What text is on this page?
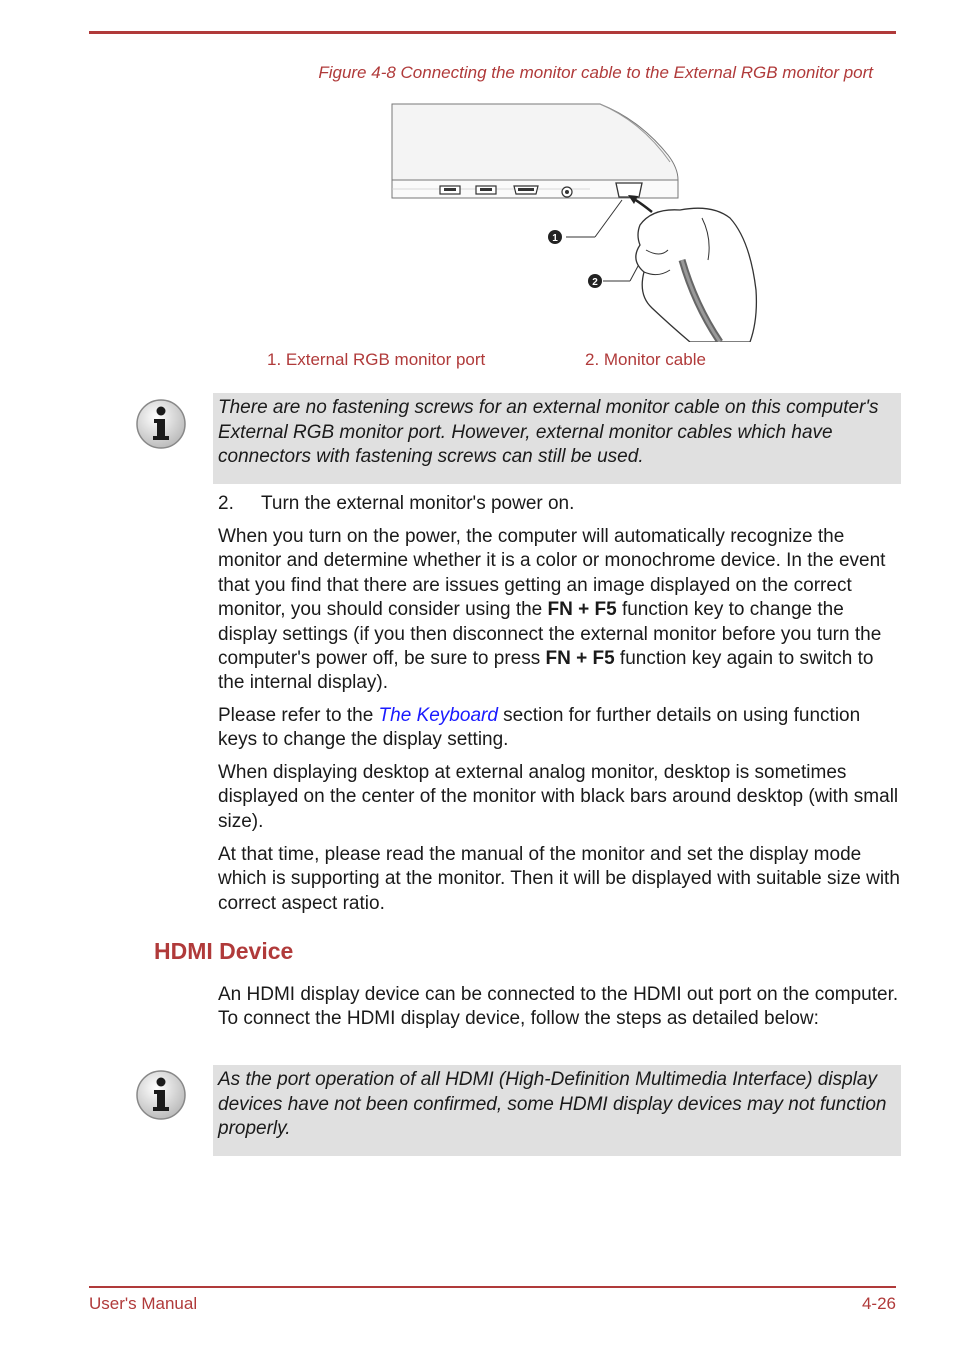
Figure 4-8 Connecting the monitor cable to the External RGB monitor port
1
2
1. External RGB monitor port	2. Monitor cable
There are no fastening screws for an external monitor cable on this computer's External RGB monitor port. However, external monitor cables which have connectors with fastening screws can still be used.
2. Turn the external monitor's power on.

When you turn on the power, the computer will automatically recognize the monitor and determine whether it is a color or monochrome device. In the event that you find that there are issues getting an image displayed on the correct monitor, you should consider using the FN + F5 function key to change the display settings (if you then disconnect the external monitor before you turn the computer's power off, be sure to press FN + F5 function key again to switch to the internal display).

Please refer to the The Keyboard section for further details on using function keys to change the display setting.

When displaying desktop at external analog monitor, desktop is sometimes displayed on the center of the monitor with black bars around desktop (with small size).

At that time, please read the manual of the monitor and set the display mode which is supporting at the monitor. Then it will be displayed with suitable size with correct aspect ratio.

HDMI Device

An HDMI display device can be connected to the HDMI out port on the computer. To connect the HDMI display device, follow the steps as detailed below:

As the port operation of all HDMI (High-Definition Multimedia Interface) display devices have not been confirmed, some HDMI display devices may not function properly.
User's Manual	4-26
